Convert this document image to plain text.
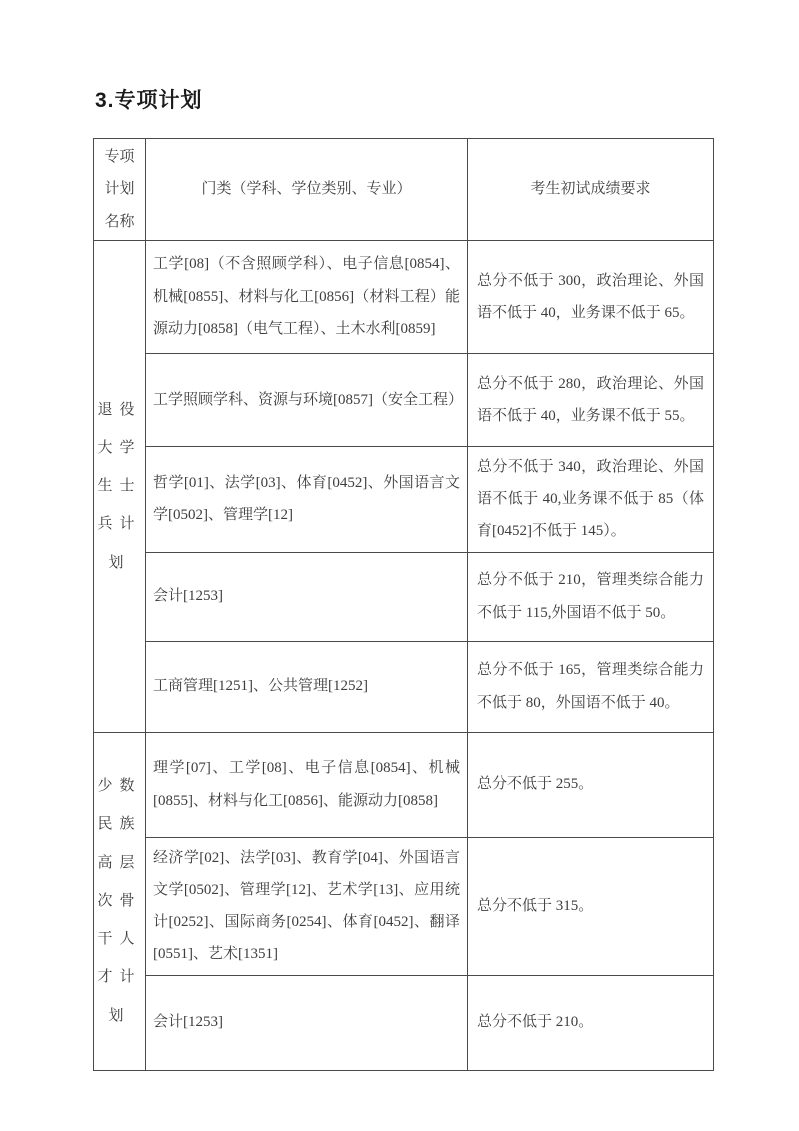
3.专项计划
专项计划名称	门类（学科、学位类别、专业）	考生初试成绩要求
退役大学生士兵计划	工学[08]（不含照顾学科）、电子信息[0854]、机械[0855]、材料与化工[0856]（材料工程）能源动力[0858]（电气工程）、土木水利[0859]	总分不低于 300，政治理论、外国语不低于 40，业务课不低于 65。
	工学照顾学科、资源与环境[0857]（安全工程）	总分不低于 280，政治理论、外国语不低于 40，业务课不低于 55。
	哲学[01]、法学[03]、体育[0452]、外国语言文学[0502]、管理学[12]	总分不低于 340，政治理论、外国语不低于 40,业务课不低于 85（体育[0452]不低于 145）。
	会计[1253]	总分不低于 210，管理类综合能力不低于 115,外国语不低于 50。
	工商管理[1251]、公共管理[1252]	总分不低于 165，管理类综合能力不低于 80，外国语不低于 40。
少数民族高层次骨干人才计划	理学[07]、工学[08]、电子信息[0854]、机械[0855]、材料与化工[0856]、能源动力[0858]	总分不低于 255。
	经济学[02]、法学[03]、教育学[04]、外国语言文学[0502]、管理学[12]、艺术学[13]、应用统计[0252]、国际商务[0254]、体育[0452]、翻译[0551]、艺术[1351]	总分不低于 315。
	会计[1253]	总分不低于 210。
